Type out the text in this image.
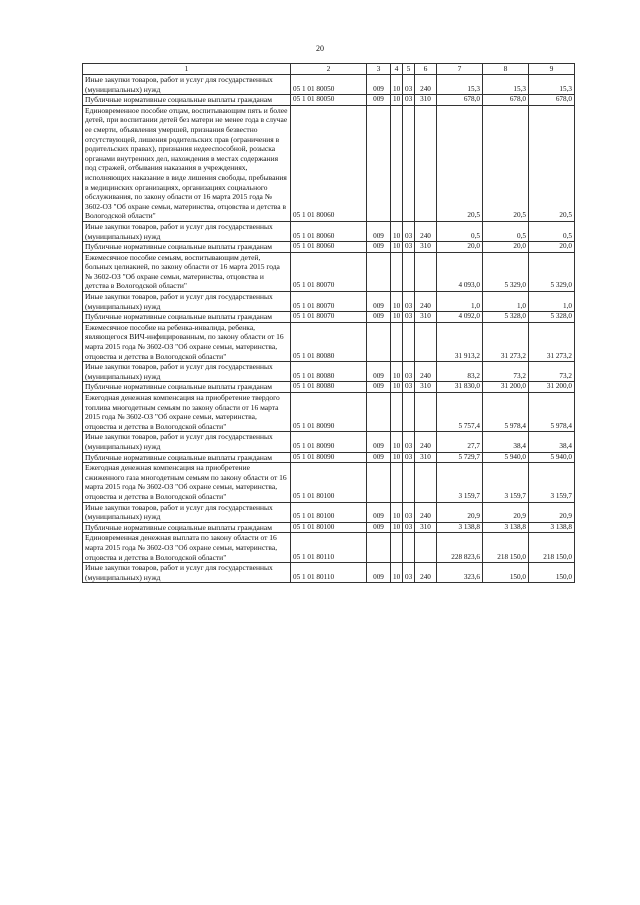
20
1	2	3	4	5	6	7	8	9
Иные закупки товаров, работ и услуг для государственных (муниципальных) нужд	05 1 01 80050	009	10	03	240	15,3	15,3	15,3
Публичные нормативные социальные выплаты гражданам	05 1 01 80050	009	10	03	310	678,0	678,0	678,0
Единовременное пособие отцам, воспитывающим пять и более детей, при воспитании детей без матери не менее года в случае ее смерти, объявления умершей, признания безвестно отсутствующей, лишения родительских прав (ограничения в родительских правах), признания недееспособной, розыска органами внутренних дел, нахождения в местах содержания под стражей, отбывания наказания в учреждениях, исполняющих наказание в виде лишения свободы, пребывания в медицинских организациях, организациях социального обслуживания, по закону области от 16 марта 2015 года № 3602-ОЗ "Об охране семьи, материнства, отцовства и детства в Вологодской области"	05 1 01 80060					20,5	20,5	20,5
Иные закупки товаров, работ и услуг для государственных (муниципальных) нужд	05 1 01 80060	009	10	03	240	0,5	0,5	0,5
Публичные нормативные социальные выплаты гражданам	05 1 01 80060	009	10	03	310	20,0	20,0	20,0
Ежемесячное пособие семьям, воспитывающим детей, больных целиакией, по закону области от 16 марта 2015 года № 3602-ОЗ "Об охране семьи, материнства, отцовства и детства в Вологодской области"	05 1 01 80070					4 093,0	5 329,0	5 329,0
Иные закупки товаров, работ и услуг для государственных (муниципальных) нужд	05 1 01 80070	009	10	03	240	1,0	1,0	1,0
Публичные нормативные социальные выплаты гражданам	05 1 01 80070	009	10	03	310	4 092,0	5 328,0	5 328,0
Ежемесячное пособие на ребенка-инвалида, ребенка, являющегося ВИЧ-инфицированным, по закону области от 16 марта 2015 года № 3602-ОЗ "Об охране семьи, материнства, отцовства и детства в Вологодской области"	05 1 01 80080					31 913,2	31 273,2	31 273,2
Иные закупки товаров, работ и услуг для государственных (муниципальных) нужд	05 1 01 80080	009	10	03	240	83,2	73,2	73,2
Публичные нормативные социальные выплаты гражданам	05 1 01 80080	009	10	03	310	31 830,0	31 200,0	31 200,0
Ежегодная денежная компенсация на приобретение твердого топлива многодетным семьям по закону области от 16 марта 2015 года № 3602-ОЗ "Об охране семьи, материнства, отцовства и детства в Вологодской области"	05 1 01 80090					5 757,4	5 978,4	5 978,4
Иные закупки товаров, работ и услуг для государственных (муниципальных) нужд	05 1 01 80090	009	10	03	240	27,7	38,4	38,4
Публичные нормативные социальные выплаты гражданам	05 1 01 80090	009	10	03	310	5 729,7	5 940,0	5 940,0
Ежегодная денежная компенсация на приобретение сжиженного газа многодетным семьям по закону области от 16 марта 2015 года № 3602-ОЗ "Об охране семьи, материнства, отцовства и детства в Вологодской области"	05 1 01 80100					3 159,7	3 159,7	3 159,7
Иные закупки товаров, работ и услуг для государственных (муниципальных) нужд	05 1 01 80100	009	10	03	240	20,9	20,9	20,9
Публичные нормативные социальные выплаты гражданам	05 1 01 80100	009	10	03	310	3 138,8	3 138,8	3 138,8
Единовременная денежная выплата по закону области от 16 марта 2015 года № 3602-ОЗ "Об охране семьи, материнства, отцовства и детства в Вологодской области"	05 1 01 80110					228 823,6	218 150,0	218 150,0
Иные закупки товаров, работ и услуг для государственных (муниципальных) нужд	05 1 01 80110	009	10	03	240	323,6	150,0	150,0
